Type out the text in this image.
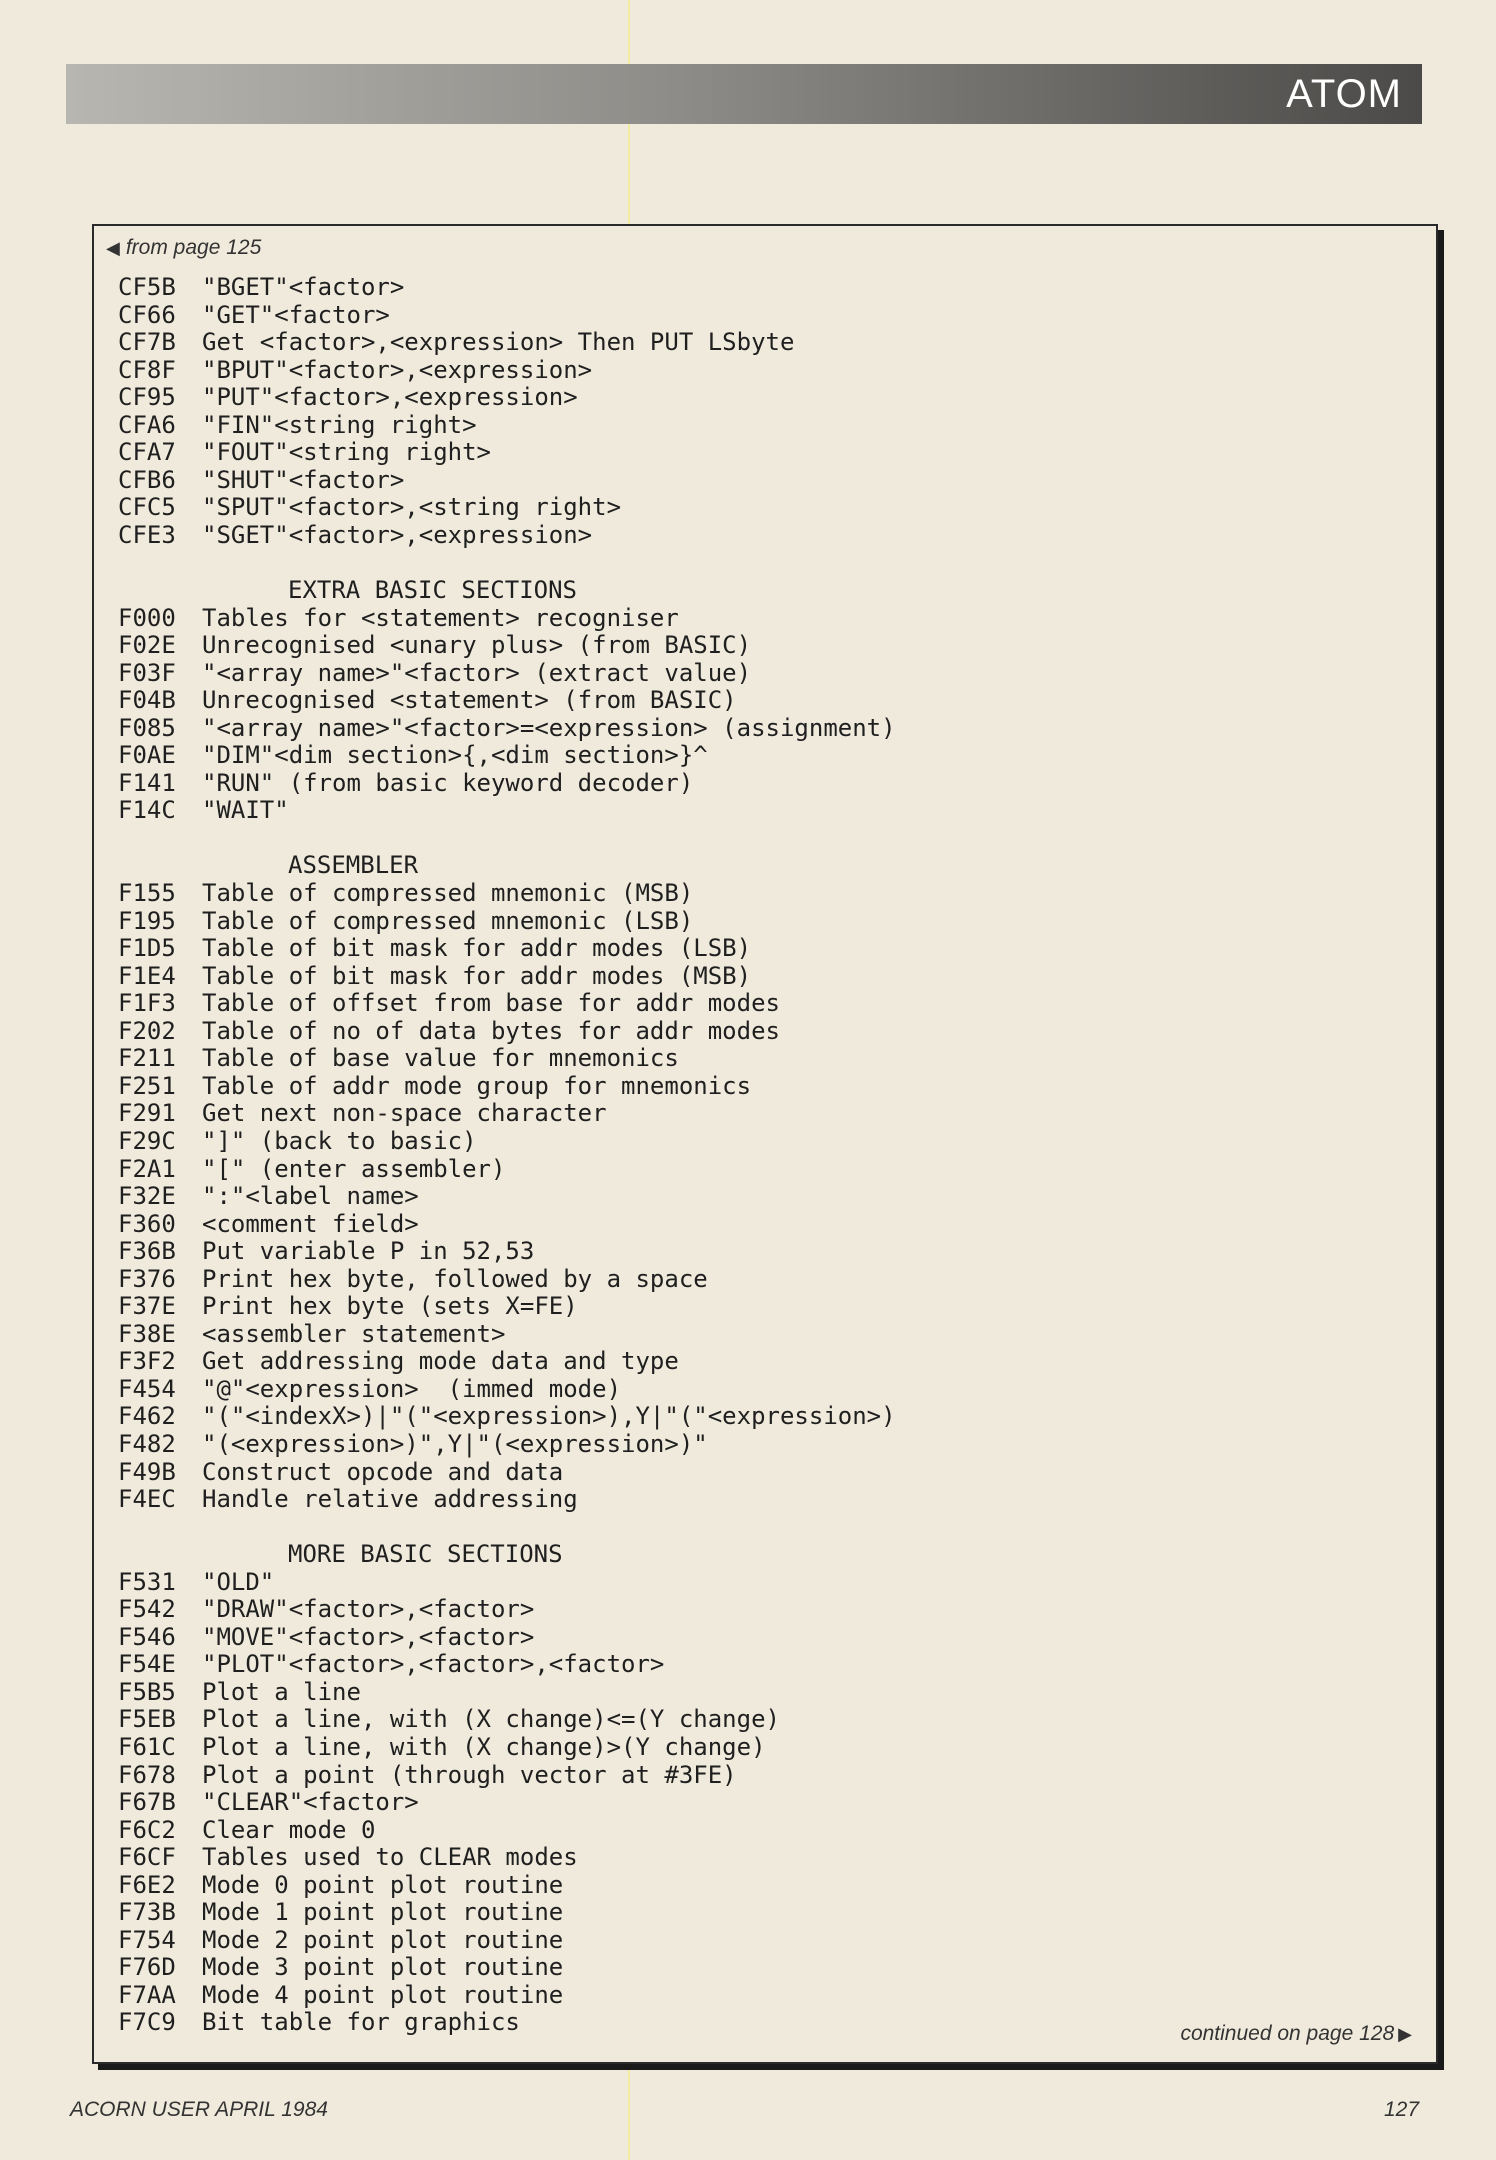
ATOM
◀ from page 125
CF5B "BGET"<factor>
CF66 "GET"<factor>
CF7B Get <factor>,<expression> Then PUT LSbyte
CF8F "BPUT"<factor>,<expression>
CF95 "PUT"<factor>,<expression>
CFA6 "FIN"<string right>
CFA7 "FOUT"<string right>
CFB6 "SHUT"<factor>
CFC5 "SPUT"<factor>,<string right>
CFE3 "SGET"<factor>,<expression>
EXTRA BASIC SECTIONS
F000 Tables for <statement> recogniser
F02E Unrecognised <unary plus> (from BASIC)
F03F "<array name>"<factor> (extract value)
F04B Unrecognised <statement> (from BASIC)
F085 "<array name>"<factor>=<expression> (assignment)
F0AE "DIM"<dim section>{,<dim section>}^
F141 "RUN" (from basic keyword decoder)
F14C "WAIT"
ASSEMBLER
F155 Table of compressed mnemonic (MSB)
F195 Table of compressed mnemonic (LSB)
F1D5 Table of bit mask for addr modes (LSB)
F1E4 Table of bit mask for addr modes (MSB)
F1F3 Table of offset from base for addr modes
F202 Table of no of data bytes for addr modes
F211 Table of base value for mnemonics
F251 Table of addr mode group for mnemonics
F291 Get next non-space character
F29C "]" (back to basic)
F2A1 "[" (enter assembler)
F32E ":"<label name>
F360 <comment field>
F36B Put variable P in 52,53
F376 Print hex byte, followed by a space
F37E Print hex byte (sets X=FE)
F38E <assembler statement>
F3F2 Get addressing mode data and type
F454 "@"<expression>  (immed mode)
F462 "("<indexX>)|"("<expression>),Y|"("<expression>)
F482 "(<expression>)",Y|"(<expression>)"
F49B Construct opcode and data
F4EC Handle relative addressing
MORE BASIC SECTIONS
F531 "OLD"
F542 "DRAW"<factor>,<factor>
F546 "MOVE"<factor>,<factor>
F54E "PLOT"<factor>,<factor>,<factor>
F5B5 Plot a line
F5EB Plot a line, with (X change)<=(Y change)
F61C Plot a line, with (X change)>(Y change)
F678 Plot a point (through vector at #3FE)
F67B "CLEAR"<factor>
F6C2 Clear mode 0
F6CF Tables used to CLEAR modes
F6E2 Mode 0 point plot routine
F73B Mode 1 point plot routine
F754 Mode 2 point plot routine
F76D Mode 3 point plot routine
F7AA Mode 4 point plot routine
F7C9 Bit table for graphics	continued on page 128 ▶
ACORN USER APRIL 1984	127
